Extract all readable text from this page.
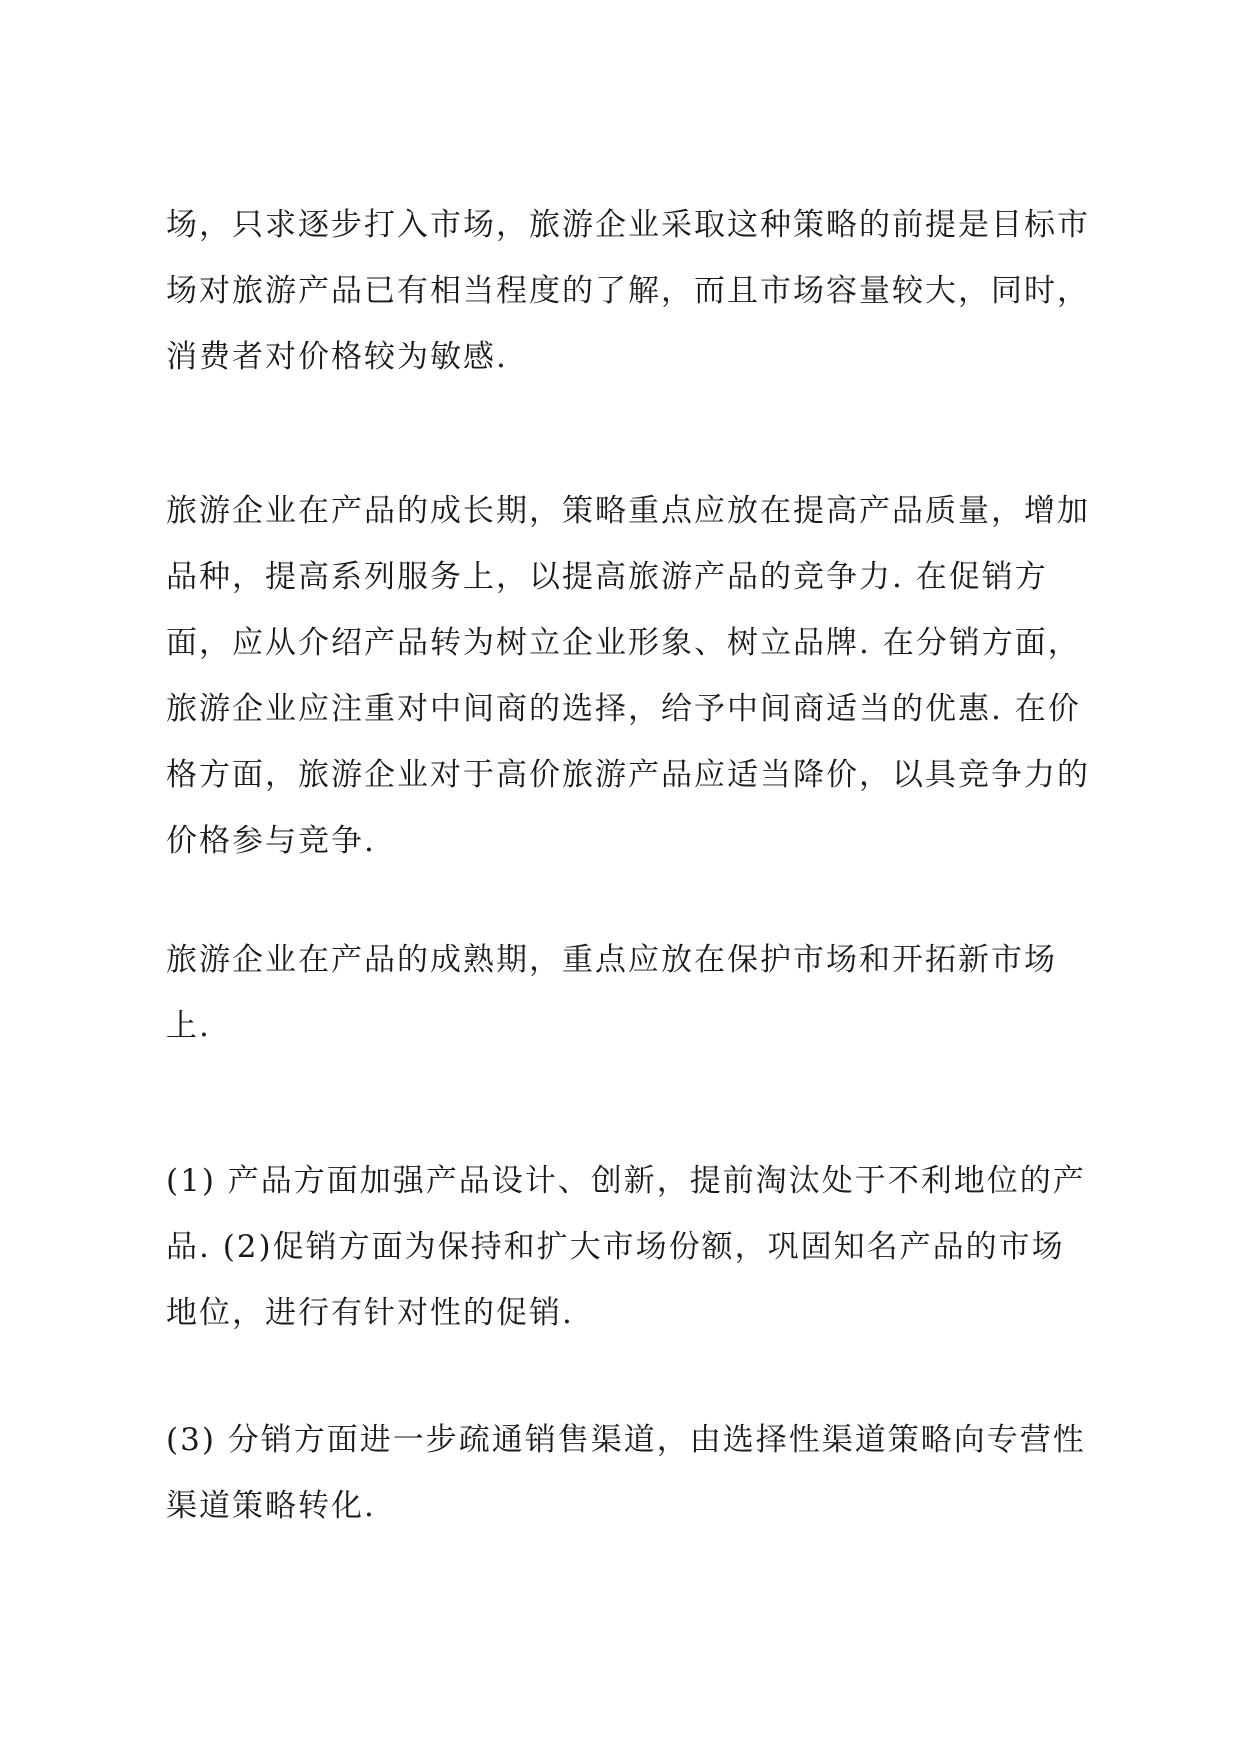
场，只求逐步打入市场，旅游企业采取这种策略的前提是目标市
场对旅游产品已有相当程度的了解，而且市场容量较大，同时，
消费者对价格较为敏感.

旅游企业在产品的成长期，策略重点应放在提高产品质量，增加
品种，提高系列服务上，以提高旅游产品的竞争力. 在促销方
面，应从介绍产品转为树立企业形象、树立品牌. 在分销方面，
旅游企业应注重对中间商的选择，给予中间商适当的优惠. 在价
格方面，旅游企业对于高价旅游产品应适当降价，以具竞争力的
价格参与竞争.

旅游企业在产品的成熟期，重点应放在保护市场和开拓新市场
上.

(1) 产品方面加强产品设计、创新，提前淘汰处于不利地位的产
品. (2)促销方面为保持和扩大市场份额，巩固知名产品的市场
地位，进行有针对性的促销.

(3) 分销方面进一步疏通销售渠道，由选择性渠道策略向专营性
渠道策略转化.
